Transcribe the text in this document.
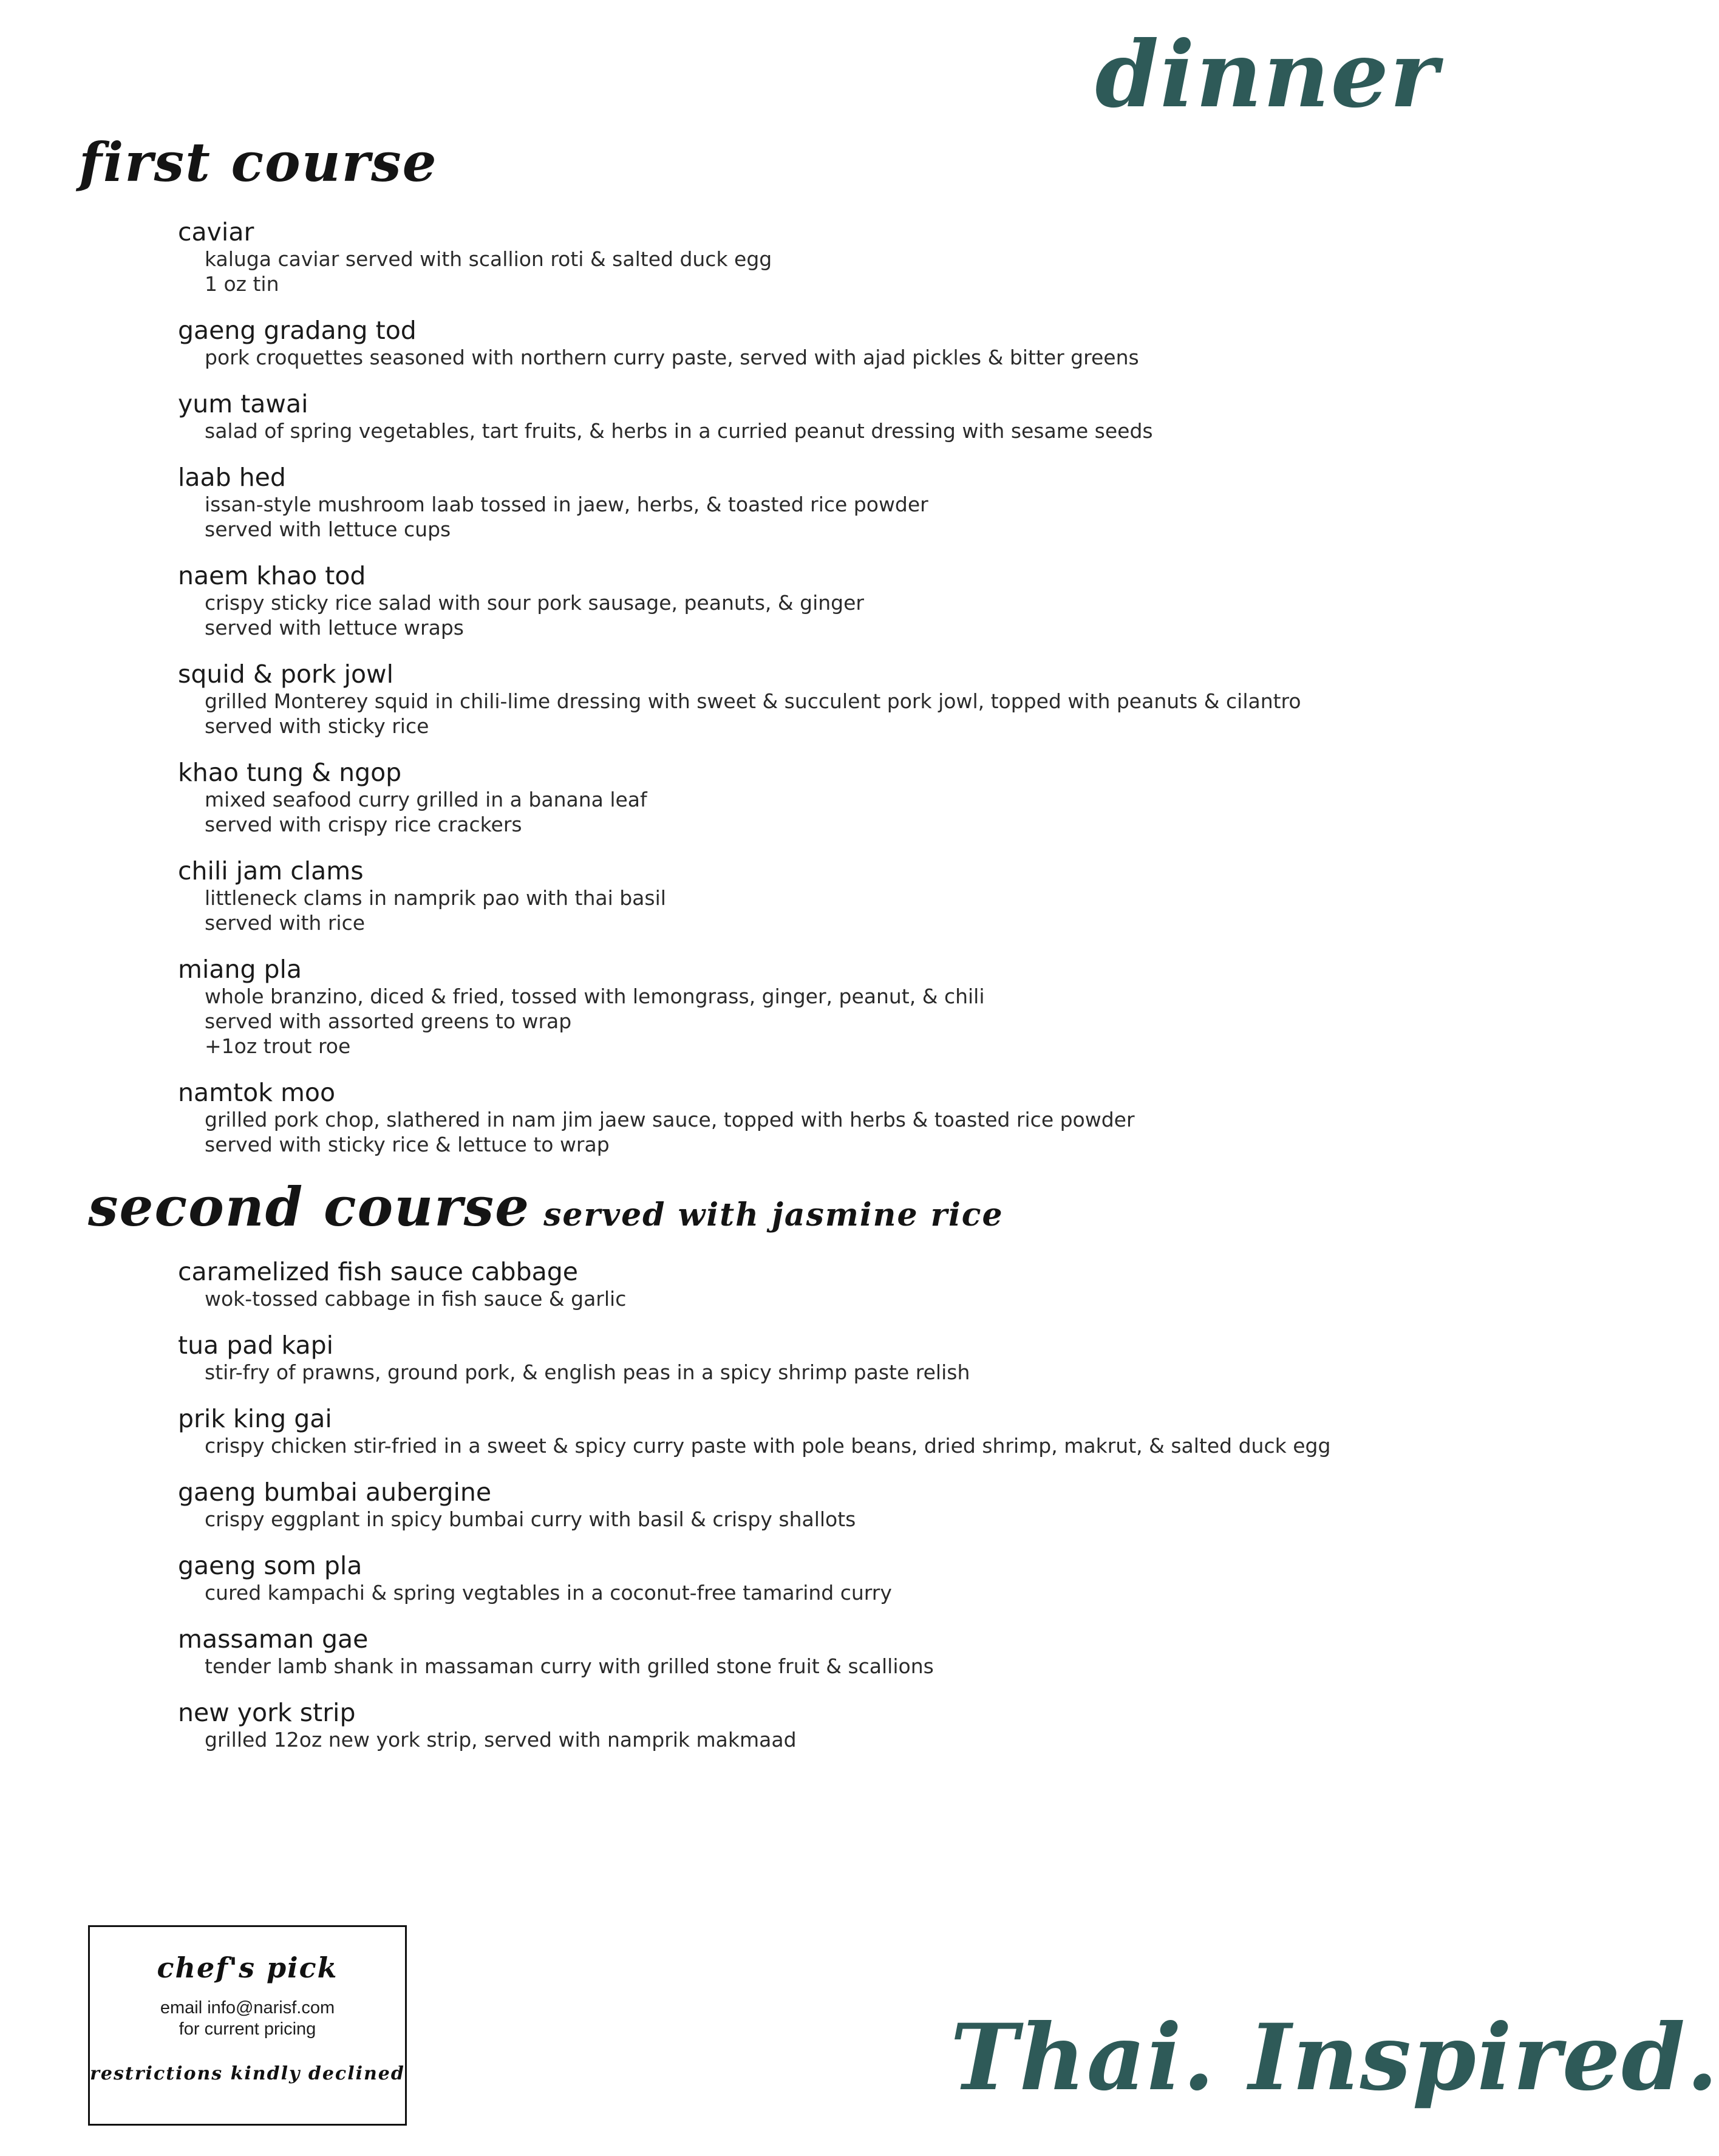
dinner
first course
caviar
kaluga caviar served with scallion roti & salted duck egg
1 oz tin
gaeng gradang tod
pork croquettes seasoned with northern curry paste, served with ajad pickles & bitter greens
yum tawai
salad of spring vegetables, tart fruits, & herbs in a curried peanut dressing with sesame seeds
laab hed
issan-style mushroom laab tossed in jaew, herbs, & toasted rice powder
served with lettuce cups
naem khao tod
crispy sticky rice salad with sour pork sausage, peanuts, & ginger
served with lettuce wraps
squid & pork jowl
grilled Monterey squid in chili-lime dressing with sweet & succulent pork jowl, topped with peanuts & cilantro
served with sticky rice
khao tung & ngop
mixed seafood curry grilled in a banana leaf
served with crispy rice crackers
chili jam clams
littleneck clams in namprik pao with thai basil
served with rice
miang pla
whole branzino, diced & fried, tossed with lemongrass, ginger, peanut, & chili
served with assorted greens to wrap
+1oz trout roe
namtok moo
grilled pork chop, slathered in nam jim jaew sauce, topped with herbs & toasted rice powder
served with sticky rice & lettuce to wrap
second course served with jasmine rice
caramelized fish sauce cabbage
wok-tossed cabbage in fish sauce & garlic
tua pad kapi
stir-fry of prawns, ground pork, & english peas in a spicy shrimp paste relish
prik king gai
crispy chicken stir-fried in a sweet & spicy curry paste with pole beans, dried shrimp, makrut, & salted duck egg
gaeng bumbai aubergine
crispy eggplant in spicy bumbai curry with basil & crispy shallots
gaeng som pla
cured kampachi & spring vegtables in a coconut-free tamarind curry
massaman gae
tender lamb shank in massaman curry with grilled stone fruit & scallions
new york strip
grilled 12oz new york strip, served with namprik makmaad
chef's pick
email info@narisf.com
for current pricing
restrictions kindly declined	Thai. Inspired.
